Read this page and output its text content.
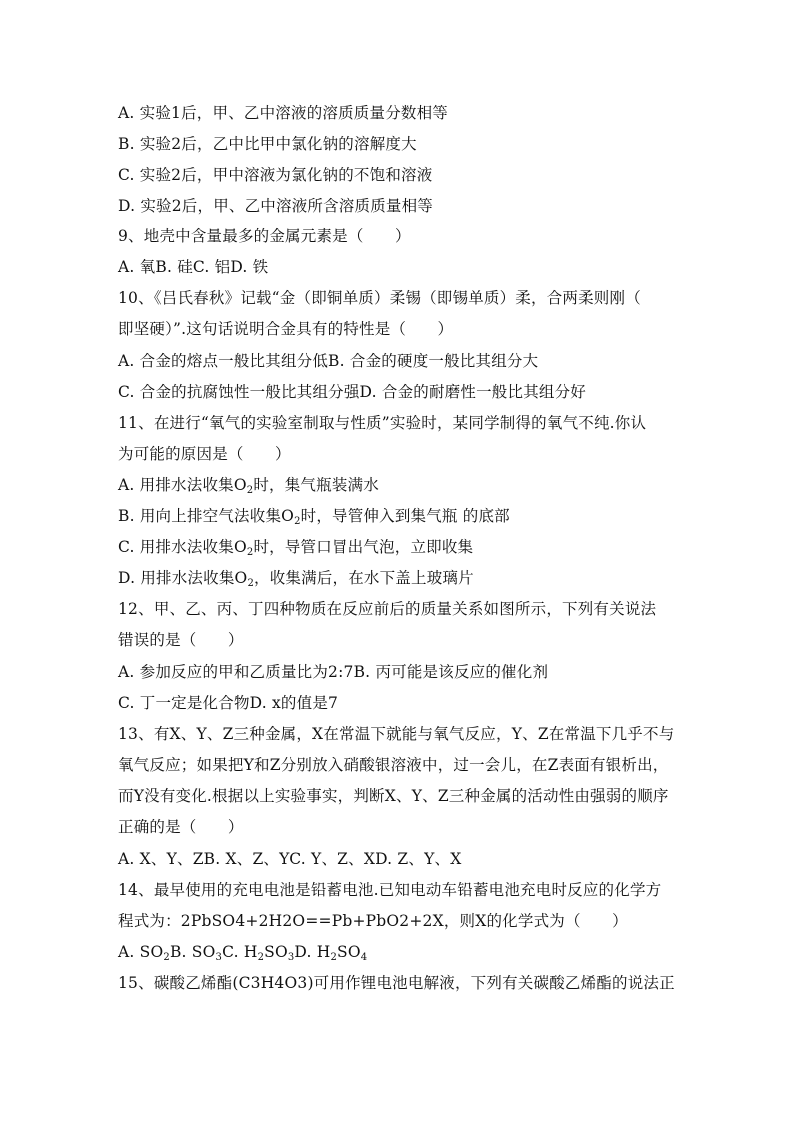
A. 实验1后，甲、乙中溶液的溶质质量分数相等
B. 实验2后，乙中比甲中氯化钠的溶解度大
C. 实验2后，甲中溶液为氯化钠的不饱和溶液
D. 实验2后，甲、乙中溶液所含溶质质量相等
9、地壳中含量最多的金属元素是（　　）
A. 氧B. 硅C. 铝D. 铁
10、《吕氏春秋》记载“金（即铜单质）柔锡（即锡单质）柔，合两柔则刚（
即坚硬）”.这句话说明合金具有的特性是（　　）
A. 合金的熔点一般比其组分低B. 合金的硬度一般比其组分大
C. 合金的抗腐蚀性一般比其组分强D. 合金的耐磨性一般比其组分好
11、在进行“氧气的实验室制取与性质”实验时，某同学制得的氧气不纯.你认
为可能的原因是（　　）
A. 用排水法收集$O_2$时，集气瓶装满水
B. 用向上排空气法收集$O_2$时，导管伸入到集气瓶 的底部
C. 用排水法收集$O_2$时，导管口冒出气泡，立即收集
D. 用排水法收集$O_2$，收集满后，在水下盖上玻璃片
12、甲、乙、丙、丁四种物质在反应前后的质量关系如图所示，下列有关说法
错误的是（　　）
A. 参加反应的甲和乙质量比为2:7B. 丙可能是该反应的催化剂
C. 丁一定是化合物D. x的值是7
13、有X、Y、Z三种金属，X在常温下就能与氧气反应，Y、Z在常温下几乎不与
氧气反应；如果把Y和Z分别放入硝酸银溶液中，过一会儿，在Z表面有银析出，
而Y没有变化.根据以上实验事实，判断X、Y、Z三种金属的活动性由强弱的顺序
正确的是（　　）
A. X、Y、ZB. X、Z、YC. Y、Z、XD. Z、Y、X
14、最早使用的充电电池是铅蓄电池.已知电动车铅蓄电池充电时反应的化学方
程式为：2PbSO4+2H2O==Pb+PbO2+2X，则X的化学式为（　　）
A. $SO_2B$. $SO_3C$. $H_2SO_3D$. $H_2SO_4$
15、碳酸乙烯酯(C3H4O3)可用作锂电池电解液，下列有关碳酸乙烯酯的说法正
